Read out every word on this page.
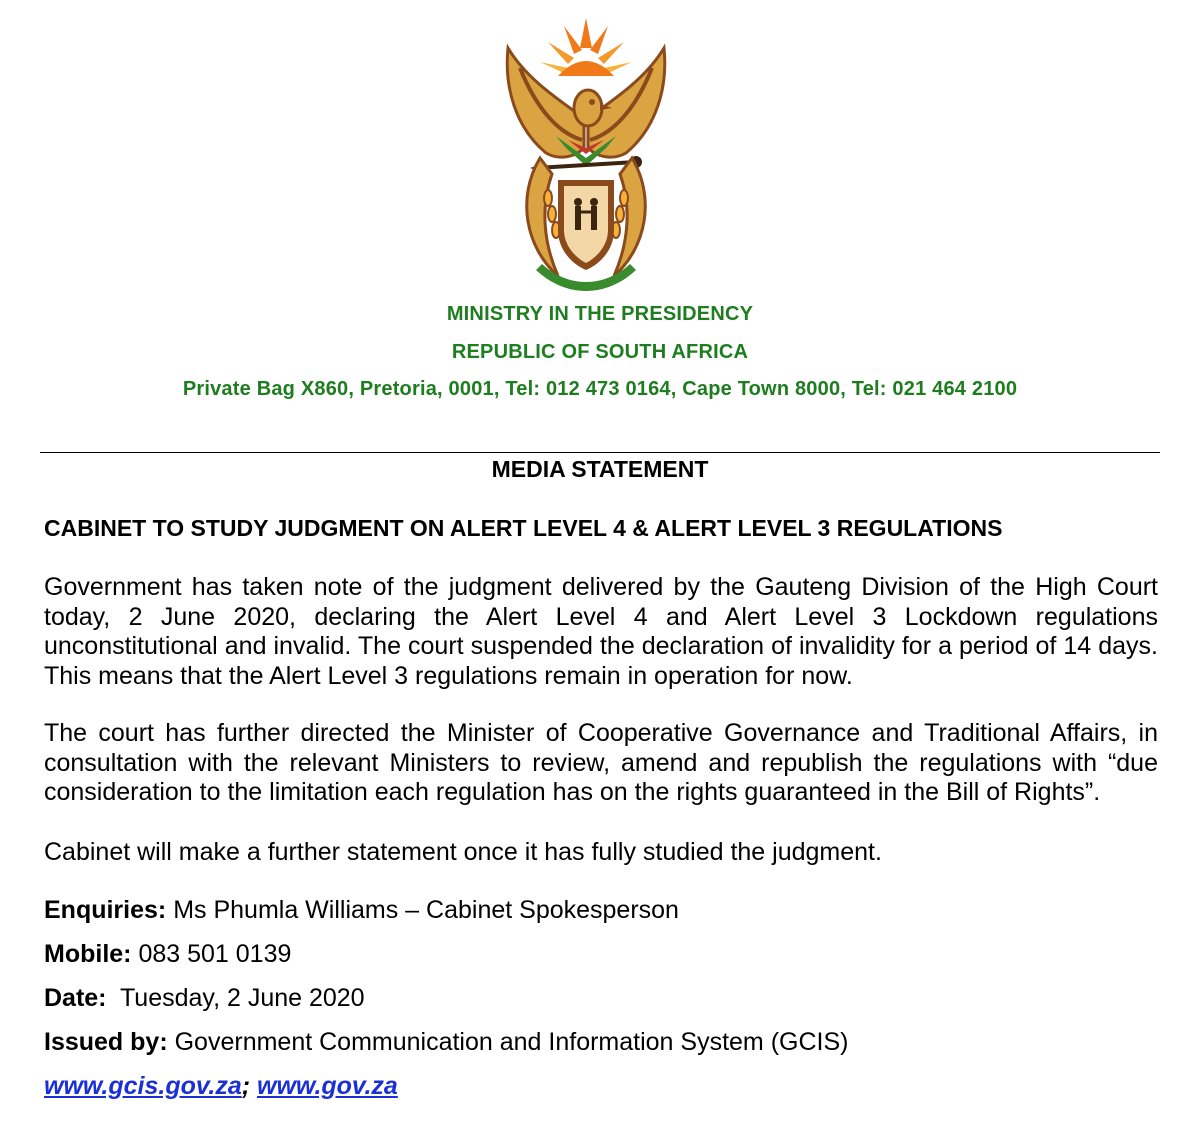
MINISTRY IN THE PRESIDENCY
REPUBLIC OF SOUTH AFRICA
Private Bag X860, Pretoria, 0001, Tel: 012 473 0164, Cape Town 8000, Tel: 021 464 2100
MEDIA STATEMENT
CABINET TO STUDY JUDGMENT ON ALERT LEVEL 4 & ALERT LEVEL 3 REGULATIONS

Government has taken note of the judgment delivered by the Gauteng Division of the High Court today, 2 June 2020, declaring the Alert Level 4 and Alert Level 3 Lockdown regulations unconstitutional and invalid. The court suspended the declaration of invalidity for a period of 14 days. This means that the Alert Level 3 regulations remain in operation for now.

The court has further directed the Minister of Cooperative Governance and Traditional Affairs, in consultation with the relevant Ministers to review, amend and republish the regulations with “due consideration to the limitation each regulation has on the rights guaranteed in the Bill of Rights”.

Cabinet will make a further statement once it has fully studied the judgment.

Enquiries: Ms Phumla Williams – Cabinet Spokesperson
Mobile: 083 501 0139
Date: Tuesday, 2 June 2020
Issued by: Government Communication and Information System (GCIS)
www.gcis.gov.za; www.gov.za
